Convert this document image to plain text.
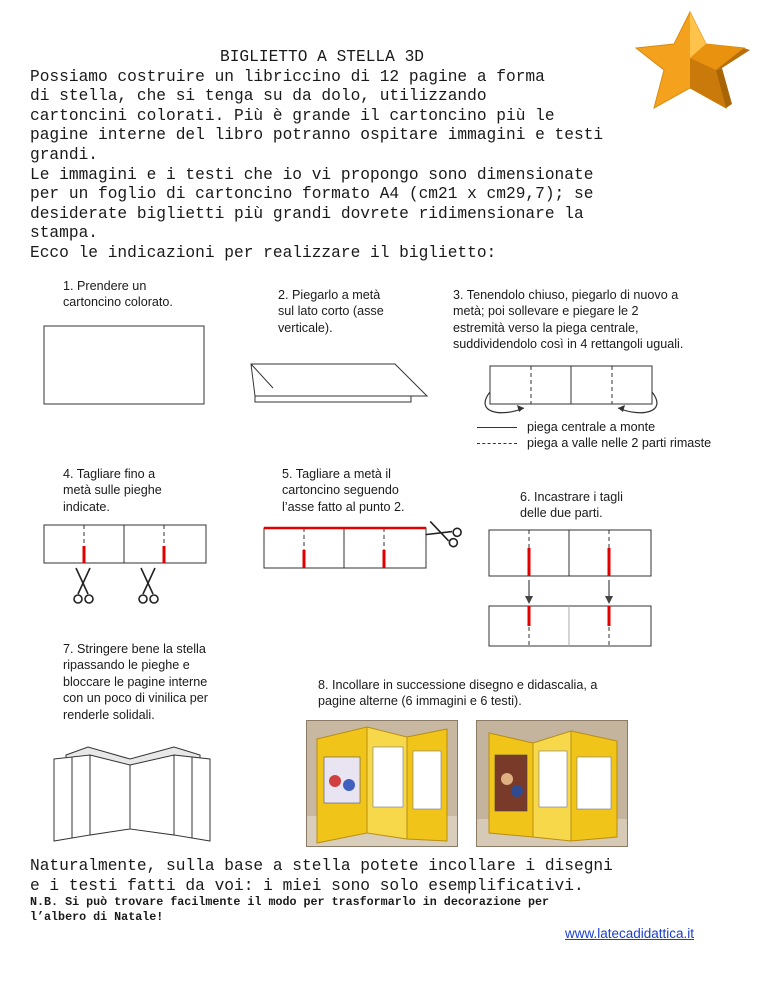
BIGLIETTO A STELLA 3D
Possiamo costruire un libriccino di 12 pagine a forma
di stella, che si tenga su da dolo, utilizzando
cartoncini colorati. Più è grande il cartoncino più le
pagine interne del libro potranno ospitare immagini e testi
grandi.
Le immagini e i testi che io vi propongo sono dimensionate
per un foglio di cartoncino formato A4 (cm21 x cm29,7); se
desiderate biglietti più grandi dovrete ridimensionare la
stampa.
Ecco le indicazioni per realizzare il biglietto:
1. Prendere un
cartoncino colorato.
2. Piegarlo a metà
sul lato corto (asse
verticale).
3. Tenendolo chiuso, piegarlo di nuovo a
metà; poi sollevare e piegare le 2
estremità verso la piega centrale,
suddividendolo così in 4 rettangoli uguali.
4. Tagliare fino a
metà sulle pieghe
indicate.
5. Tagliare a metà il
cartoncino seguendo
l’asse fatto al punto 2.
6. Incastrare i tagli
delle due parti.
7. Stringere bene la stella
ripassando le pieghe e
bloccare le pagine interne
con un poco di vinilica per
renderle solidali.
8. Incollare in successione disegno e didascalia, a
pagine alterne (6 immagini e 6 testi).
piega centrale a monte
piega a valle nelle 2 parti rimaste
Naturalmente, sulla base a stella potete incollare i disegni
e i testi fatti da voi: i miei sono solo esemplificativi.
N.B. Si può trovare facilmente il modo per trasformarlo in decorazione per
l’albero di Natale!
www.latecadidattica.it
